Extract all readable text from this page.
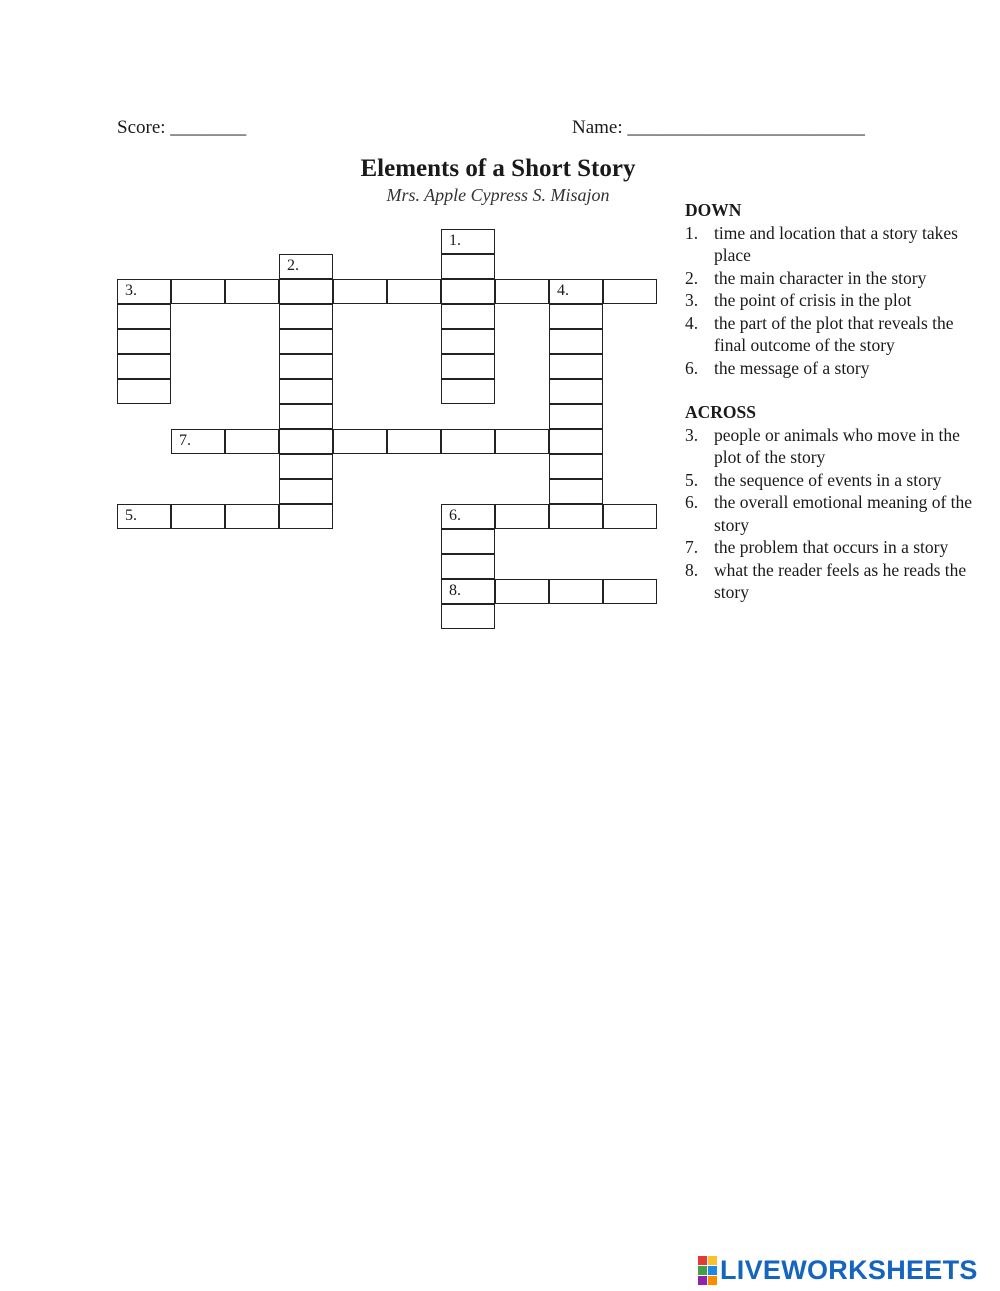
Score: ________	Name: _________________________
Elements of a Short Story
Mrs. Apple Cypress S. Misajon
3.	4.
7.
5.	6.
8.
2.
1.

DOWN

1. time and location that a story takes place
2. the main character in the story
3. the point of crisis in the plot
4. the part of the plot that reveals the final outcome of the story
6. the message of a story

ACROSS

3. people or animals who move in the plot of the story
5. the sequence of events in a story
6. the overall emotional meaning of the story
7. the problem that occurs in a story
8. what the reader feels as he reads the story
LIVEWORKSHEETS
